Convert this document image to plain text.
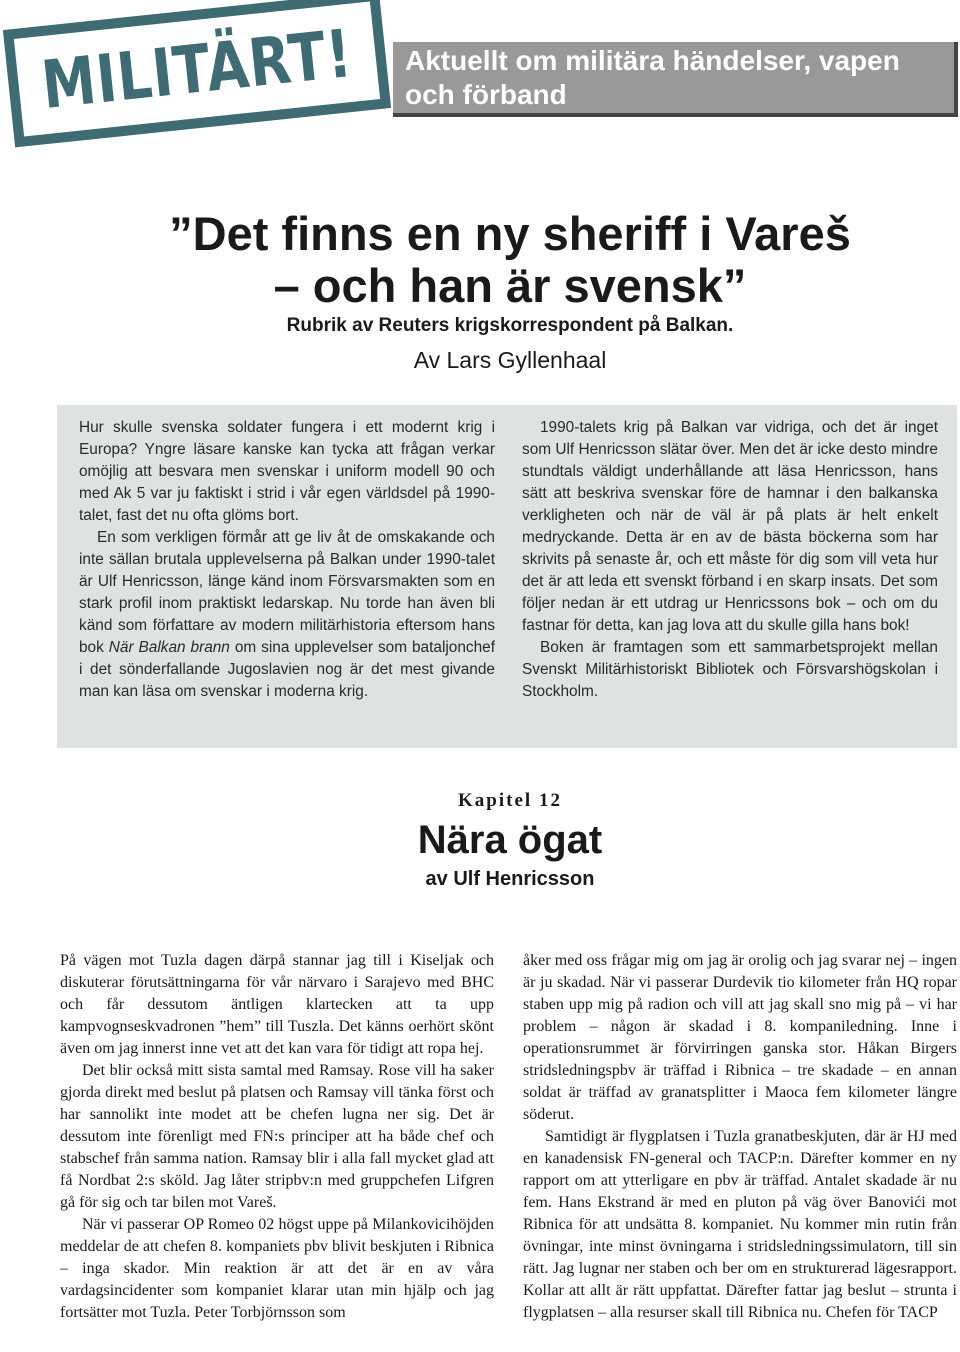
MILITÄRT! Aktuellt om militära händelser, vapen och förband
”Det finns en ny sheriff i Vareš
– och han är svensk”
Rubrik av Reuters krigskorrespondent på Balkan.
Av Lars Gyllenhaal

Hur skulle svenska soldater fungera i ett modernt krig i Europa? Yngre läsare kanske kan tycka att frågan verkar omöjlig att besvara men svenskar i uniform modell 90 och med Ak 5 var ju faktiskt i strid i vår egen världsdel på 1990-talet, fast det nu ofta glöms bort.

En som verkligen förmår att ge liv åt de omskakande och inte sällan brutala upplevelserna på Balkan under 1990-talet är Ulf Henricsson, länge känd inom Försvarsmakten som en stark profil inom praktiskt ledarskap. Nu torde han även bli känd som författare av modern militärhistoria eftersom hans bok När Balkan brann om sina upplevelser som bataljonchef i det sönderfallande Jugoslavien nog är det mest givande man kan läsa om svenskar i moderna krig.

1990-talets krig på Balkan var vidriga, och det är inget som Ulf Henricsson slätar över. Men det är icke desto mindre stundtals väldigt underhållande att läsa Henricsson, hans sätt att beskriva svenskar före de hamnar i den balkanska verkligheten och när de väl är på plats är helt enkelt medryckande. Detta är en av de bästa böckerna som har skrivits på senaste år, och ett måste för dig som vill veta hur det är att leda ett svenskt förband i en skarp insats. Det som följer nedan är ett utdrag ur Henricssons bok – och om du fastnar för detta, kan jag lova att du skulle gilla hans bok!

Boken är framtagen som ett sammarbetsprojekt mellan Svenskt Militärhistoriskt Bibliotek och Försvarshögskolan i Stockholm.

Kapitel 12
Nära ögat
av Ulf Henricsson

På vägen mot Tuzla dagen därpå stannar jag till i Kiseljak och diskuterar förutsättningarna för vår närvaro i Sarajevo med BHC och får dessutom äntligen klartecken att ta upp kampvognseskvadronen ”hem” till Tuszla. Det känns oerhört skönt även om jag innerst inne vet att det kan vara för tidigt att ropa hej.

Det blir också mitt sista samtal med Ramsay. Rose vill ha saker gjorda direkt med beslut på platsen och Ramsay vill tänka först och har sannolikt inte modet att be chefen lugna ner sig. Det är dessutom inte förenligt med FN:s principer att ha både chef och stabschef från samma nation. Ramsay blir i alla fall mycket glad att få Nordbat 2:s sköld. Jag låter stripbv:n med gruppchefen Lifgren gå för sig och tar bilen mot Vareš.

När vi passerar OP Romeo 02 högst uppe på Milankovicihöjden meddelar de att chefen 8. kompaniets pbv blivit beskjuten i Ribnica – inga skador. Min reaktion är att det är en av våra vardagsincidenter som kompaniet klarar utan min hjälp och jag fortsätter mot Tuzla. Peter Torbjörnsson som

åker med oss frågar mig om jag är orolig och jag svarar nej – ingen är ju skadad. När vi passerar Durdevik tio kilometer från HQ ropar staben upp mig på radion och vill att jag skall sno mig på – vi har problem – någon är skadad i 8. kompaniledning. Inne i operationsrummet är förvirringen ganska stor. Håkan Birgers stridsledningspbv är träffad i Ribnica – tre skadade – en annan soldat är träffad av granatsplitter i Maoca fem kilometer längre söderut.

Samtidigt är flygplatsen i Tuzla granatbeskjuten, där är HJ med en kanadensisk FN-general och TACP:n. Därefter kommer en ny rapport om att ytterligare en pbv är träffad. Antalet skadade är nu fem. Hans Ekstrand är med en pluton på väg över Banovići mot Ribnica för att undsätta 8. kompaniet. Nu kommer min rutin från övningar, inte minst övningarna i stridsledningssimulatorn, till sin rätt. Jag lugnar ner staben och ber om en strukturerad lägesrapport. Kollar att allt är rätt uppfattat. Därefter fattar jag beslut – strunta i flygplatsen – alla resurser skall till Ribnica nu. Chefen för TACP
